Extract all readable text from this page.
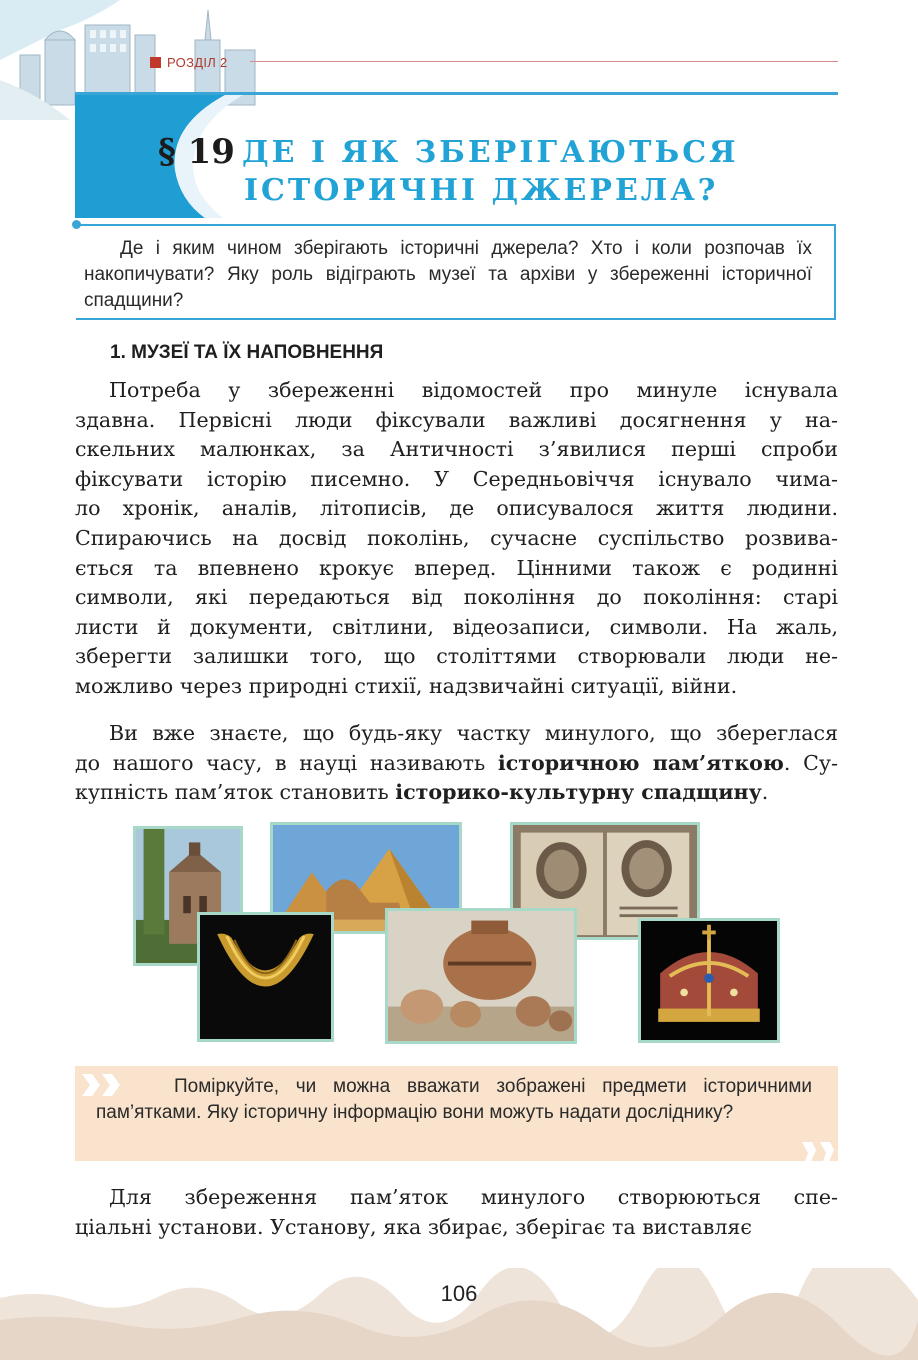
РОЗДІЛ 2
§ 19 ДЕ І ЯК ЗБЕРІГАЮТЬСЯ
ІСТОРИЧНІ ДЖЕРЕЛА?

Де і яким чином зберігають історичні джерела? Хто і коли розпочав їх накопичувати? Яку роль відіграють музеї та архіви у збереженні історичної спадщини?

1. МУЗЕЇ ТА ЇХ НАПОВНЕННЯ
Потреба у збереженні відомостей про минуле існувала
здавна. Первісні люди фіксували важливі досягнення у на-
скельних малюнках, за Античності з’явилися перші спроби
фіксувати історію писемно. У Середньовіччя існувало чима-
ло хронік, аналів, літописів, де описувалося життя людини.
Спираючись на досвід поколінь, сучасне суспільство розвива-
ється та впевнено крокує вперед. Цінними також є родинні
символи, які передаються від покоління до покоління: старі
листи й документи, світлини, відеозаписи, символи. На жаль,
зберегти залишки того, що століттями створювали люди не-
можливо через природні стихії, надзвичайні ситуації, війни.
Ви вже знаєте, що будь-яку частку минулого, що збереглася
до нашого часу, в науці називають історичною пам’яткою. Су-
купність пам’яток становить історико-культурну спадщину.

Поміркуйте, чи можна вважати зображені предмети історичними пам’ятками. Яку історичну інформацію вони можуть надати досліднику?

Для збереження пам’яток минулого створюються спе-
ціальні установи. Установу, яка збирає, зберігає та виставляє
106
